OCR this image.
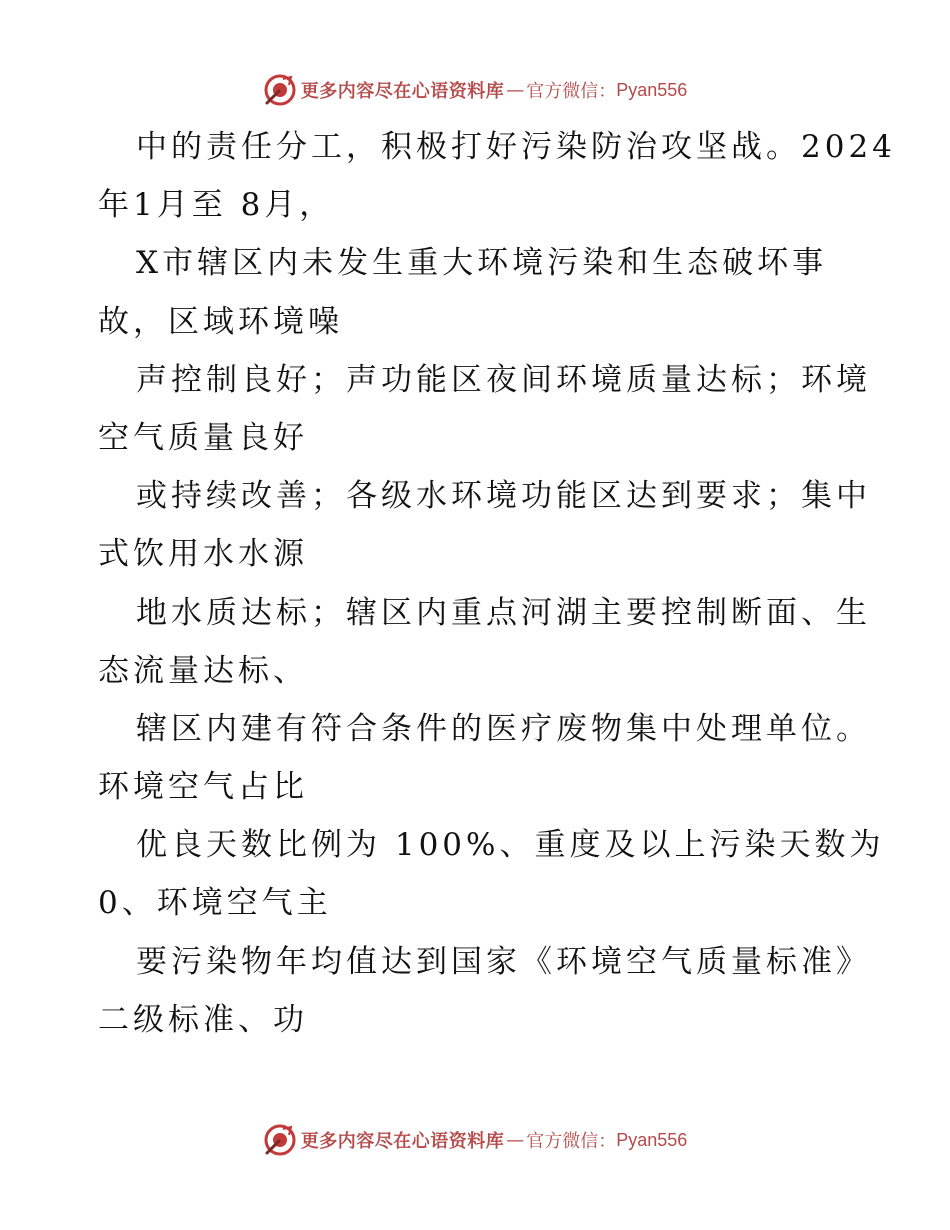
更多内容尽在心语资料库 — 官方微信： Pyan556
中的责任分工，积极打好污染防治攻坚战。2024
年1月至 8月，
X市辖区内未发生重大环境污染和生态破坏事
故，区域环境噪
声控制良好；声功能区夜间环境质量达标；环境
空气质量良好
或持续改善；各级水环境功能区达到要求；集中
式饮用水水源
地水质达标；辖区内重点河湖主要控制断面、生
态流量达标、
辖区内建有符合条件的医疗废物集中处理单位。
环境空气占比
优良天数比例为 100%、重度及以上污染天数为
0、环境空气主
要污染物年均值达到国家《环境空气质量标准》
二级标准、功
更多内容尽在心语资料库 — 官方微信： Pyan556
